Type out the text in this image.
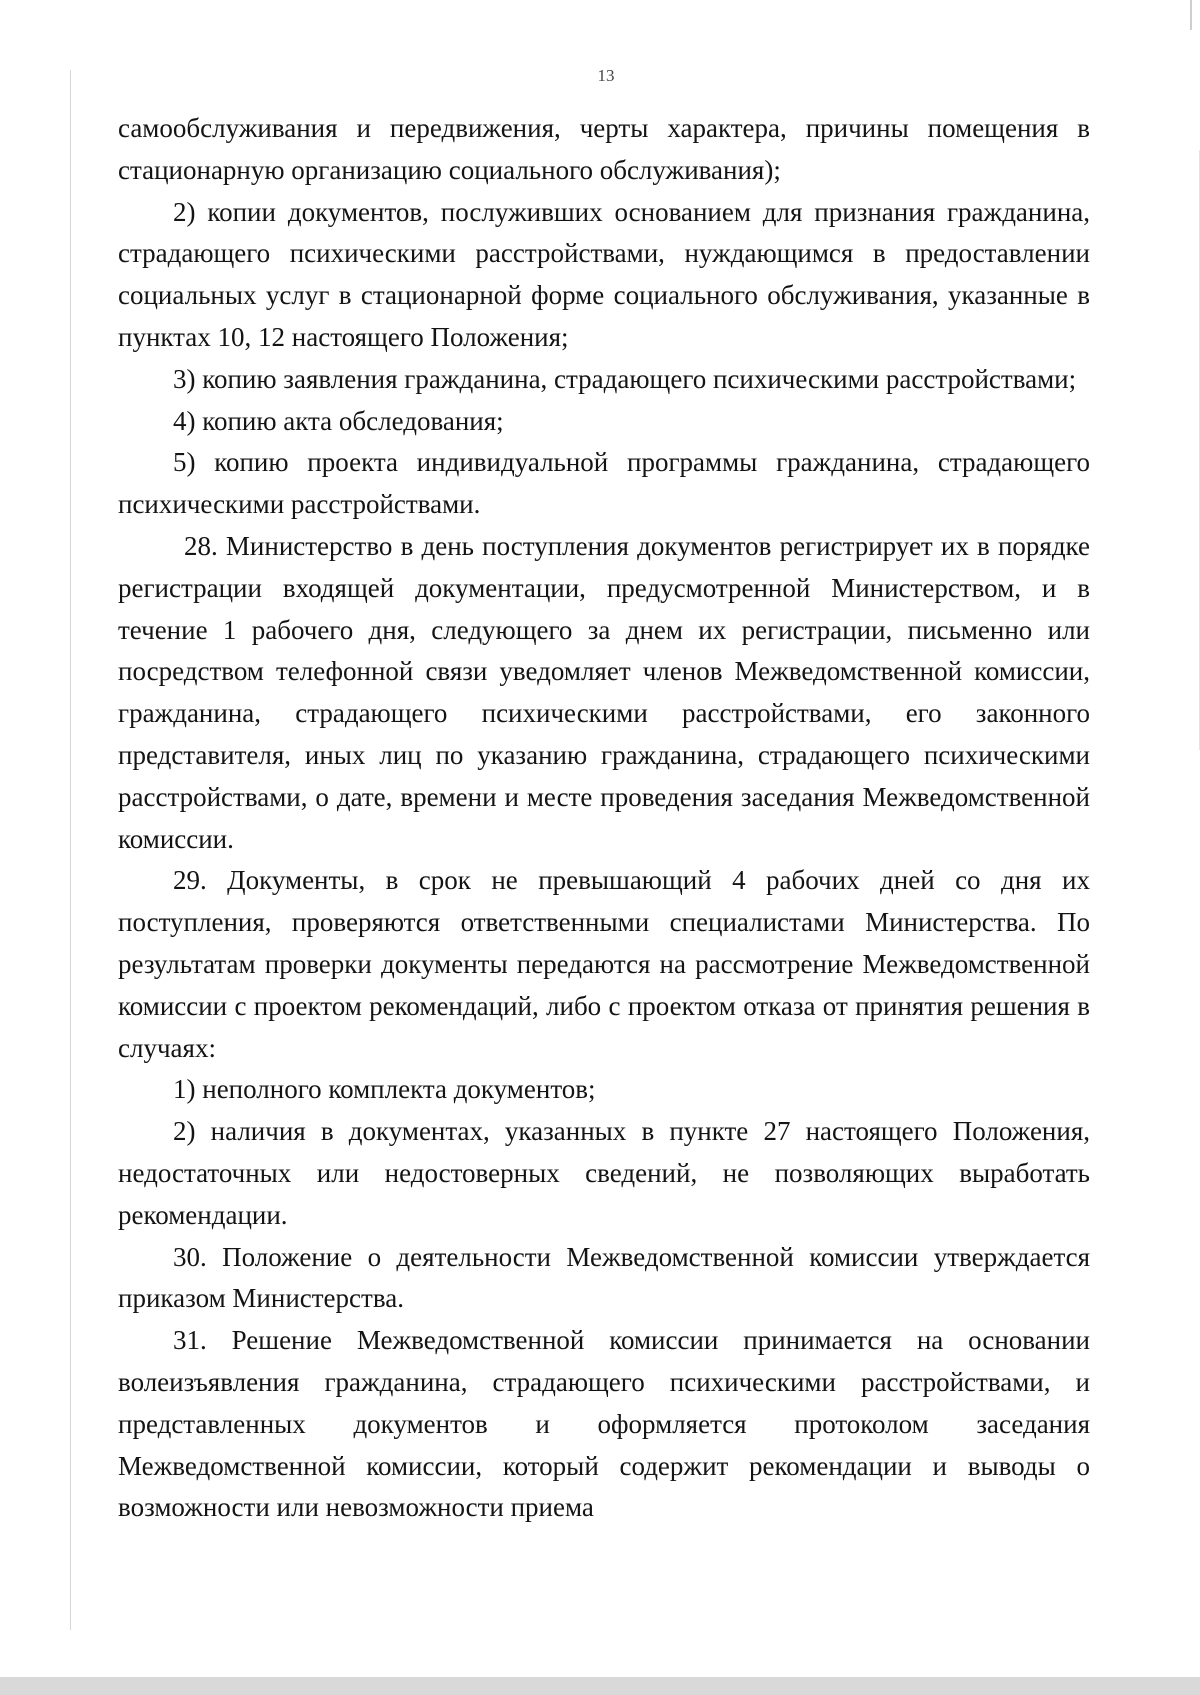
13

самообслуживания и передвижения, черты характера, причины помещения в стационарную организацию социального обслуживания);

2) копии документов, послуживших основанием для признания гражданина, страдающего психическими расстройствами, нуждающимся в предоставлении социальных услуг в стационарной форме социального обслуживания, указанные в пунктах 10, 12 настоящего Положения;

3) копию заявления гражданина, страдающего психическими расстройствами;

4) копию акта обследования;

5) копию проекта индивидуальной программы гражданина, страдающего психическими расстройствами.

28. Министерство в день поступления документов регистрирует их в порядке регистрации входящей документации, предусмотренной Министерством, и в течение 1 рабочего дня, следующего за днем их регистрации, письменно или посредством телефонной связи уведомляет членов Межведомственной комиссии, гражданина, страдающего психическими расстройствами, его законного представителя, иных лиц по указанию гражданина, страдающего психическими расстройствами, о дате, времени и месте проведения заседания Межведомственной комиссии.

29. Документы, в срок не превышающий 4 рабочих дней со дня их поступления, проверяются ответственными специалистами Министерства. По результатам проверки документы передаются на рассмотрение Межведомственной комиссии с проектом рекомендаций, либо с проектом отказа от принятия решения в случаях:

1) неполного комплекта документов;

2) наличия в документах, указанных в пункте 27 настоящего Положения, недостаточных или недостоверных сведений, не позволяющих выработать рекомендации.

30. Положение о деятельности Межведомственной комиссии утверждается приказом Министерства.

31. Решение Межведомственной комиссии принимается на основании волеизъявления гражданина, страдающего психическими расстройствами, и представленных документов и оформляется протоколом заседания Межведомственной комиссии, который содержит рекомендации и выводы о возможности или невозможности приема
